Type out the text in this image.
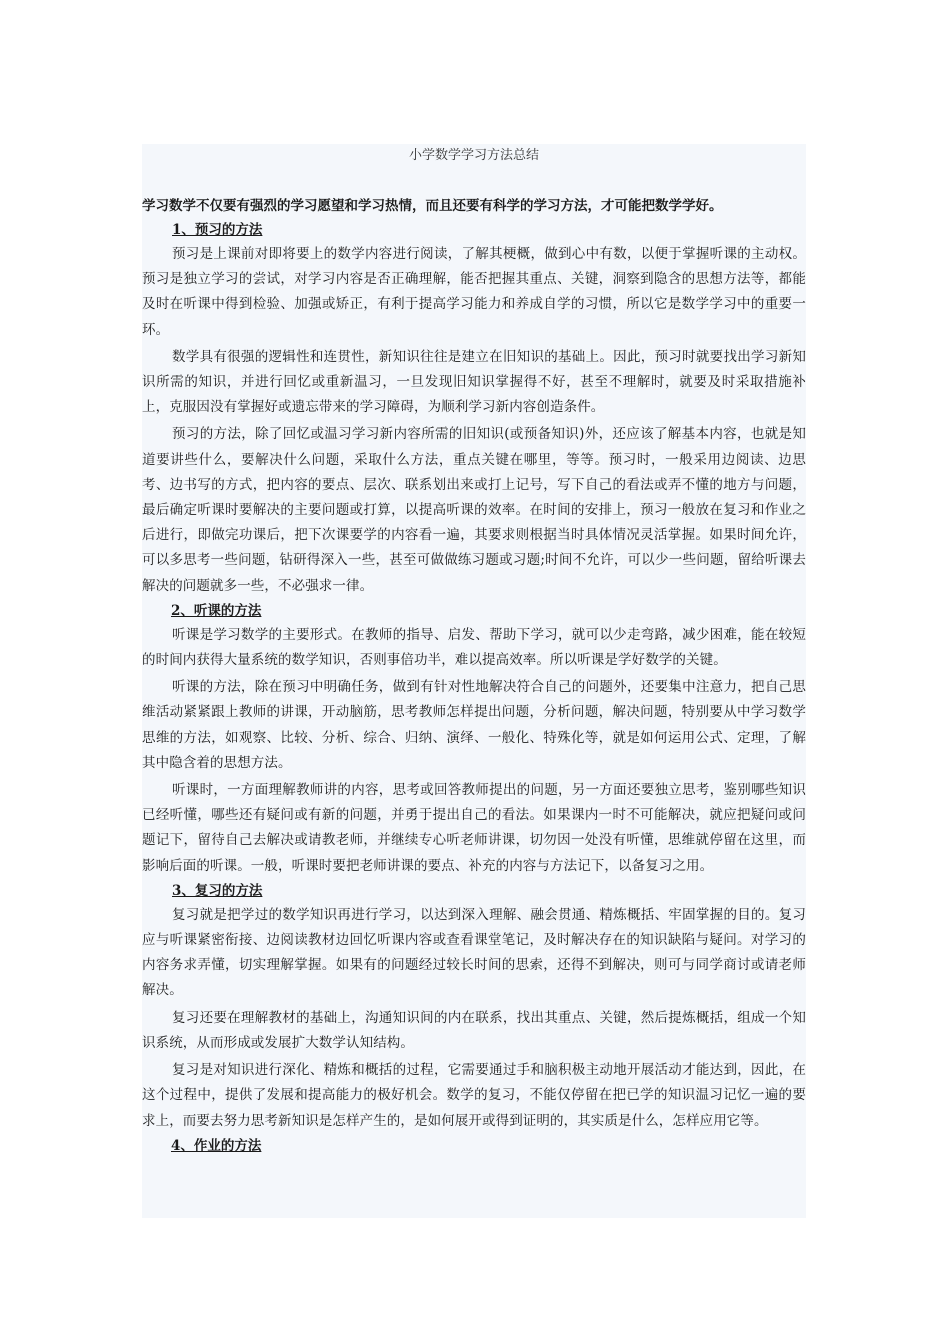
小学数学学习方法总结

学习数学不仅要有强烈的学习愿望和学习热情，而且还要有科学的学习方法，才可能把数学学好。

1、预习的方法

预习是上课前对即将要上的数学内容进行阅读，了解其梗概，做到心中有数，以便于掌握听课的主动权。预习是独立学习的尝试，对学习内容是否正确理解，能否把握其重点、关键，洞察到隐含的思想方法等，都能及时在听课中得到检验、加强或矫正，有利于提高学习能力和养成自学的习惯，所以它是数学学习中的重要一环。

数学具有很强的逻辑性和连贯性，新知识往往是建立在旧知识的基础上。因此，预习时就要找出学习新知识所需的知识，并进行回忆或重新温习，一旦发现旧知识掌握得不好，甚至不理解时，就要及时采取措施补上，克服因没有掌握好或遗忘带来的学习障碍，为顺利学习新内容创造条件。

预习的方法，除了回忆或温习学习新内容所需的旧知识(或预备知识)外，还应该了解基本内容，也就是知道要讲些什么，要解决什么问题，采取什么方法，重点关键在哪里，等等。预习时，一般采用边阅读、边思考、边书写的方式，把内容的要点、层次、联系划出来或打上记号，写下自己的看法或弄不懂的地方与问题，最后确定听课时要解决的主要问题或打算，以提高听课的效率。在时间的安排上，预习一般放在复习和作业之后进行，即做完功课后，把下次课要学的内容看一遍，其要求则根据当时具体情况灵活掌握。如果时间允许，可以多思考一些问题，钻研得深入一些，甚至可做做练习题或习题;时间不允许，可以少一些问题，留给听课去解决的问题就多一些，不必强求一律。

2、听课的方法

听课是学习数学的主要形式。在教师的指导、启发、帮助下学习，就可以少走弯路，减少困难，能在较短的时间内获得大量系统的数学知识，否则事倍功半，难以提高效率。所以听课是学好数学的关键。

听课的方法，除在预习中明确任务，做到有针对性地解决符合自己的问题外，还要集中注意力，把自己思维活动紧紧跟上教师的讲课，开动脑筋，思考教师怎样提出问题，分析问题，解决问题，特别要从中学习数学思维的方法，如观察、比较、分析、综合、归纳、演绎、一般化、特殊化等，就是如何运用公式、定理，了解其中隐含着的思想方法。

听课时，一方面理解教师讲的内容，思考或回答教师提出的问题，另一方面还要独立思考，鉴别哪些知识已经听懂，哪些还有疑问或有新的问题，并勇于提出自己的看法。如果课内一时不可能解决，就应把疑问或问题记下，留待自己去解决或请教老师，并继续专心听老师讲课，切勿因一处没有听懂，思维就停留在这里，而影响后面的听课。一般，听课时要把老师讲课的要点、补充的内容与方法记下，以备复习之用。

3、复习的方法

复习就是把学过的数学知识再进行学习，以达到深入理解、融会贯通、精炼概括、牢固掌握的目的。复习应与听课紧密衔接、边阅读教材边回忆听课内容或查看课堂笔记，及时解决存在的知识缺陷与疑问。对学习的内容务求弄懂，切实理解掌握。如果有的问题经过较长时间的思索，还得不到解决，则可与同学商讨或请老师解决。

复习还要在理解教材的基础上，沟通知识间的内在联系，找出其重点、关键，然后提炼概括，组成一个知识系统，从而形成或发展扩大数学认知结构。

复习是对知识进行深化、精炼和概括的过程，它需要通过手和脑积极主动地开展活动才能达到，因此，在这个过程中，提供了发展和提高能力的极好机会。数学的复习，不能仅停留在把已学的知识温习记忆一遍的要求上，而要去努力思考新知识是怎样产生的，是如何展开或得到证明的，其实质是什么，怎样应用它等。

4、作业的方法
